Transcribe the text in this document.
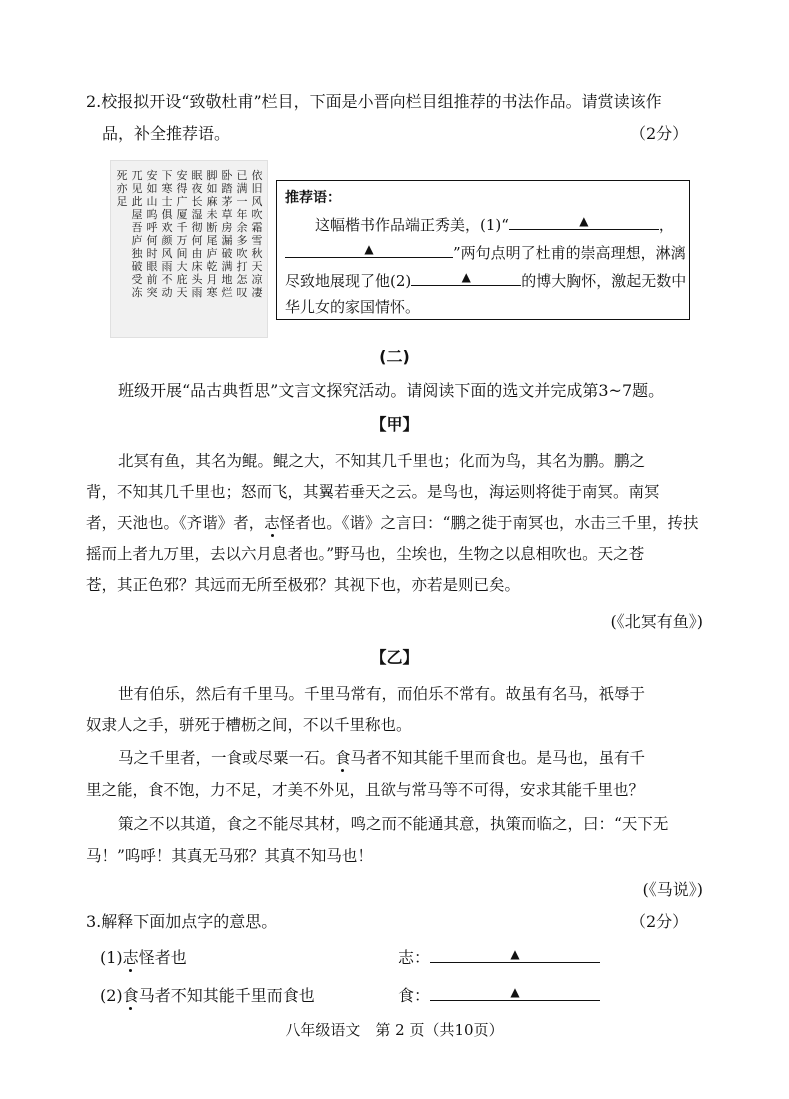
2.校报拟开设“致敬杜甫”栏目，下面是小晋向栏目组推荐的书法作品。请赏读该作
品，补全推荐语。	（2分）
依旧风吹霜雪秋天凉凄
已满一年余多吹打怎叹
卧踏茅草房漏破满地烂
脚如麻未断尾庐乾月寒
眠夜长湿彻何由床头雨
安得广厦千万间大庇天
下寒士俱欢颜风雨不动
安如山呜呼何时眼前突
兀见此屋吾庐独破受冻
死亦足	推荐语：
这幅楷书作品端正秀美，(1)“	▲	，
▲	”两句点明了杜甫的崇高理想，淋漓
尽致地展现了他(2)	▲	的博大胸怀，激起无数中
华儿女的家国情怀。
(二)
班级开展“品古典哲思”文言文探究活动。请阅读下面的选文并完成第3~7题。
【甲】
北冥有鱼，其名为鲲。鲲之大，不知其几千里也；化而为鸟，其名为鹏。鹏之
背，不知其几千里也；怒而飞，其翼若垂天之云。是鸟也，海运则将徙于南冥。南冥
者，天池也。《齐谐》者，志怪者也。《谐》之言曰：“鹏之徙于南冥也，水击三千里，抟扶
摇而上者九万里，去以六月息者也。”野马也，尘埃也，生物之以息相吹也。天之苍
苍，其正色邪？其远而无所至极邪？其视下也，亦若是则已矣。
(《北冥有鱼》)
【乙】
世有伯乐，然后有千里马。千里马常有，而伯乐不常有。故虽有名马，祇辱于
奴隶人之手，骈死于槽枥之间，不以千里称也。
马之千里者，一食或尽粟一石。食马者不知其能千里而食也。是马也，虽有千
里之能，食不饱，力不足，才美不外见，且欲与常马等不可得，安求其能千里也？
策之不以其道，食之不能尽其材，鸣之而不能通其意，执策而临之，曰：“天下无
马！”呜呼！其真无马邪？其真不知马也！
(《马说》)
3.解释下面加点字的意思。	（2分）
(1)志怪者也	志：	▲
(2)食马者不知其能千里而食也	食：	▲
八年级语文　第 2 页（共10页）
